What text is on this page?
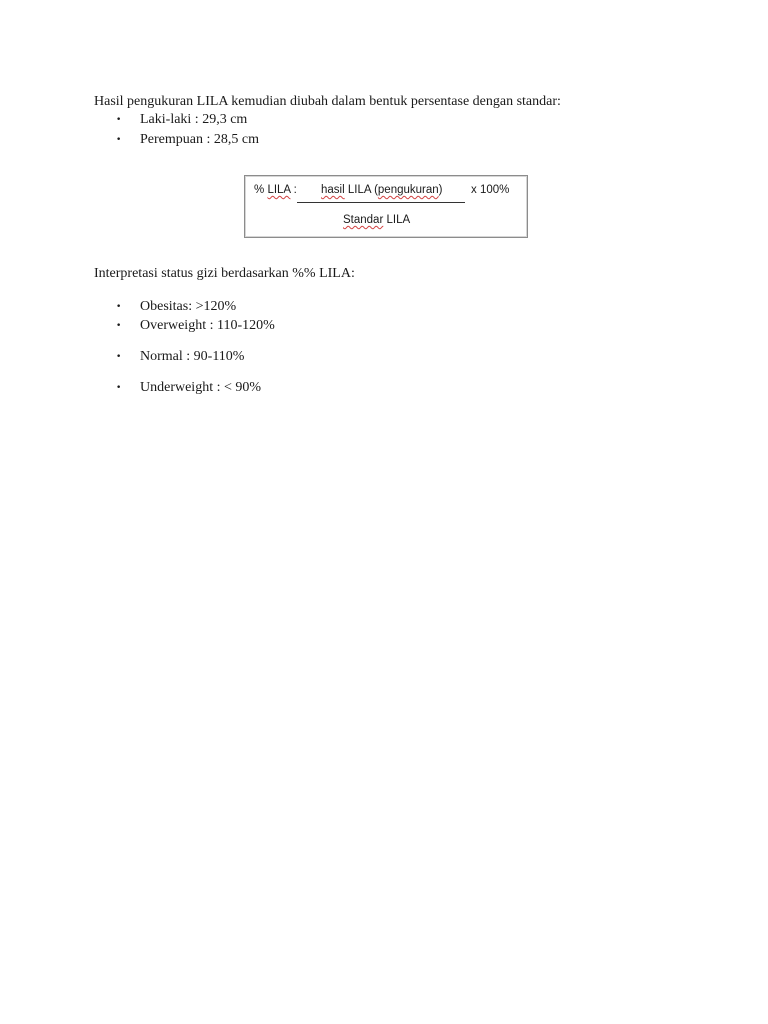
Hasil pengukuran LILA kemudian diubah dalam bentuk persentase dengan standar:
• Laki-laki : 29,3 cm
• Perempuan : 28,5 cm
% LILA : hasil LILA (pengukuran) x 100%
Standar LILA
Interpretasi status gizi berdasarkan %% LILA:
• Obesitas: >120%
• Overweight : 110-120%
• Normal : 90-110%
• Underweight : < 90%
